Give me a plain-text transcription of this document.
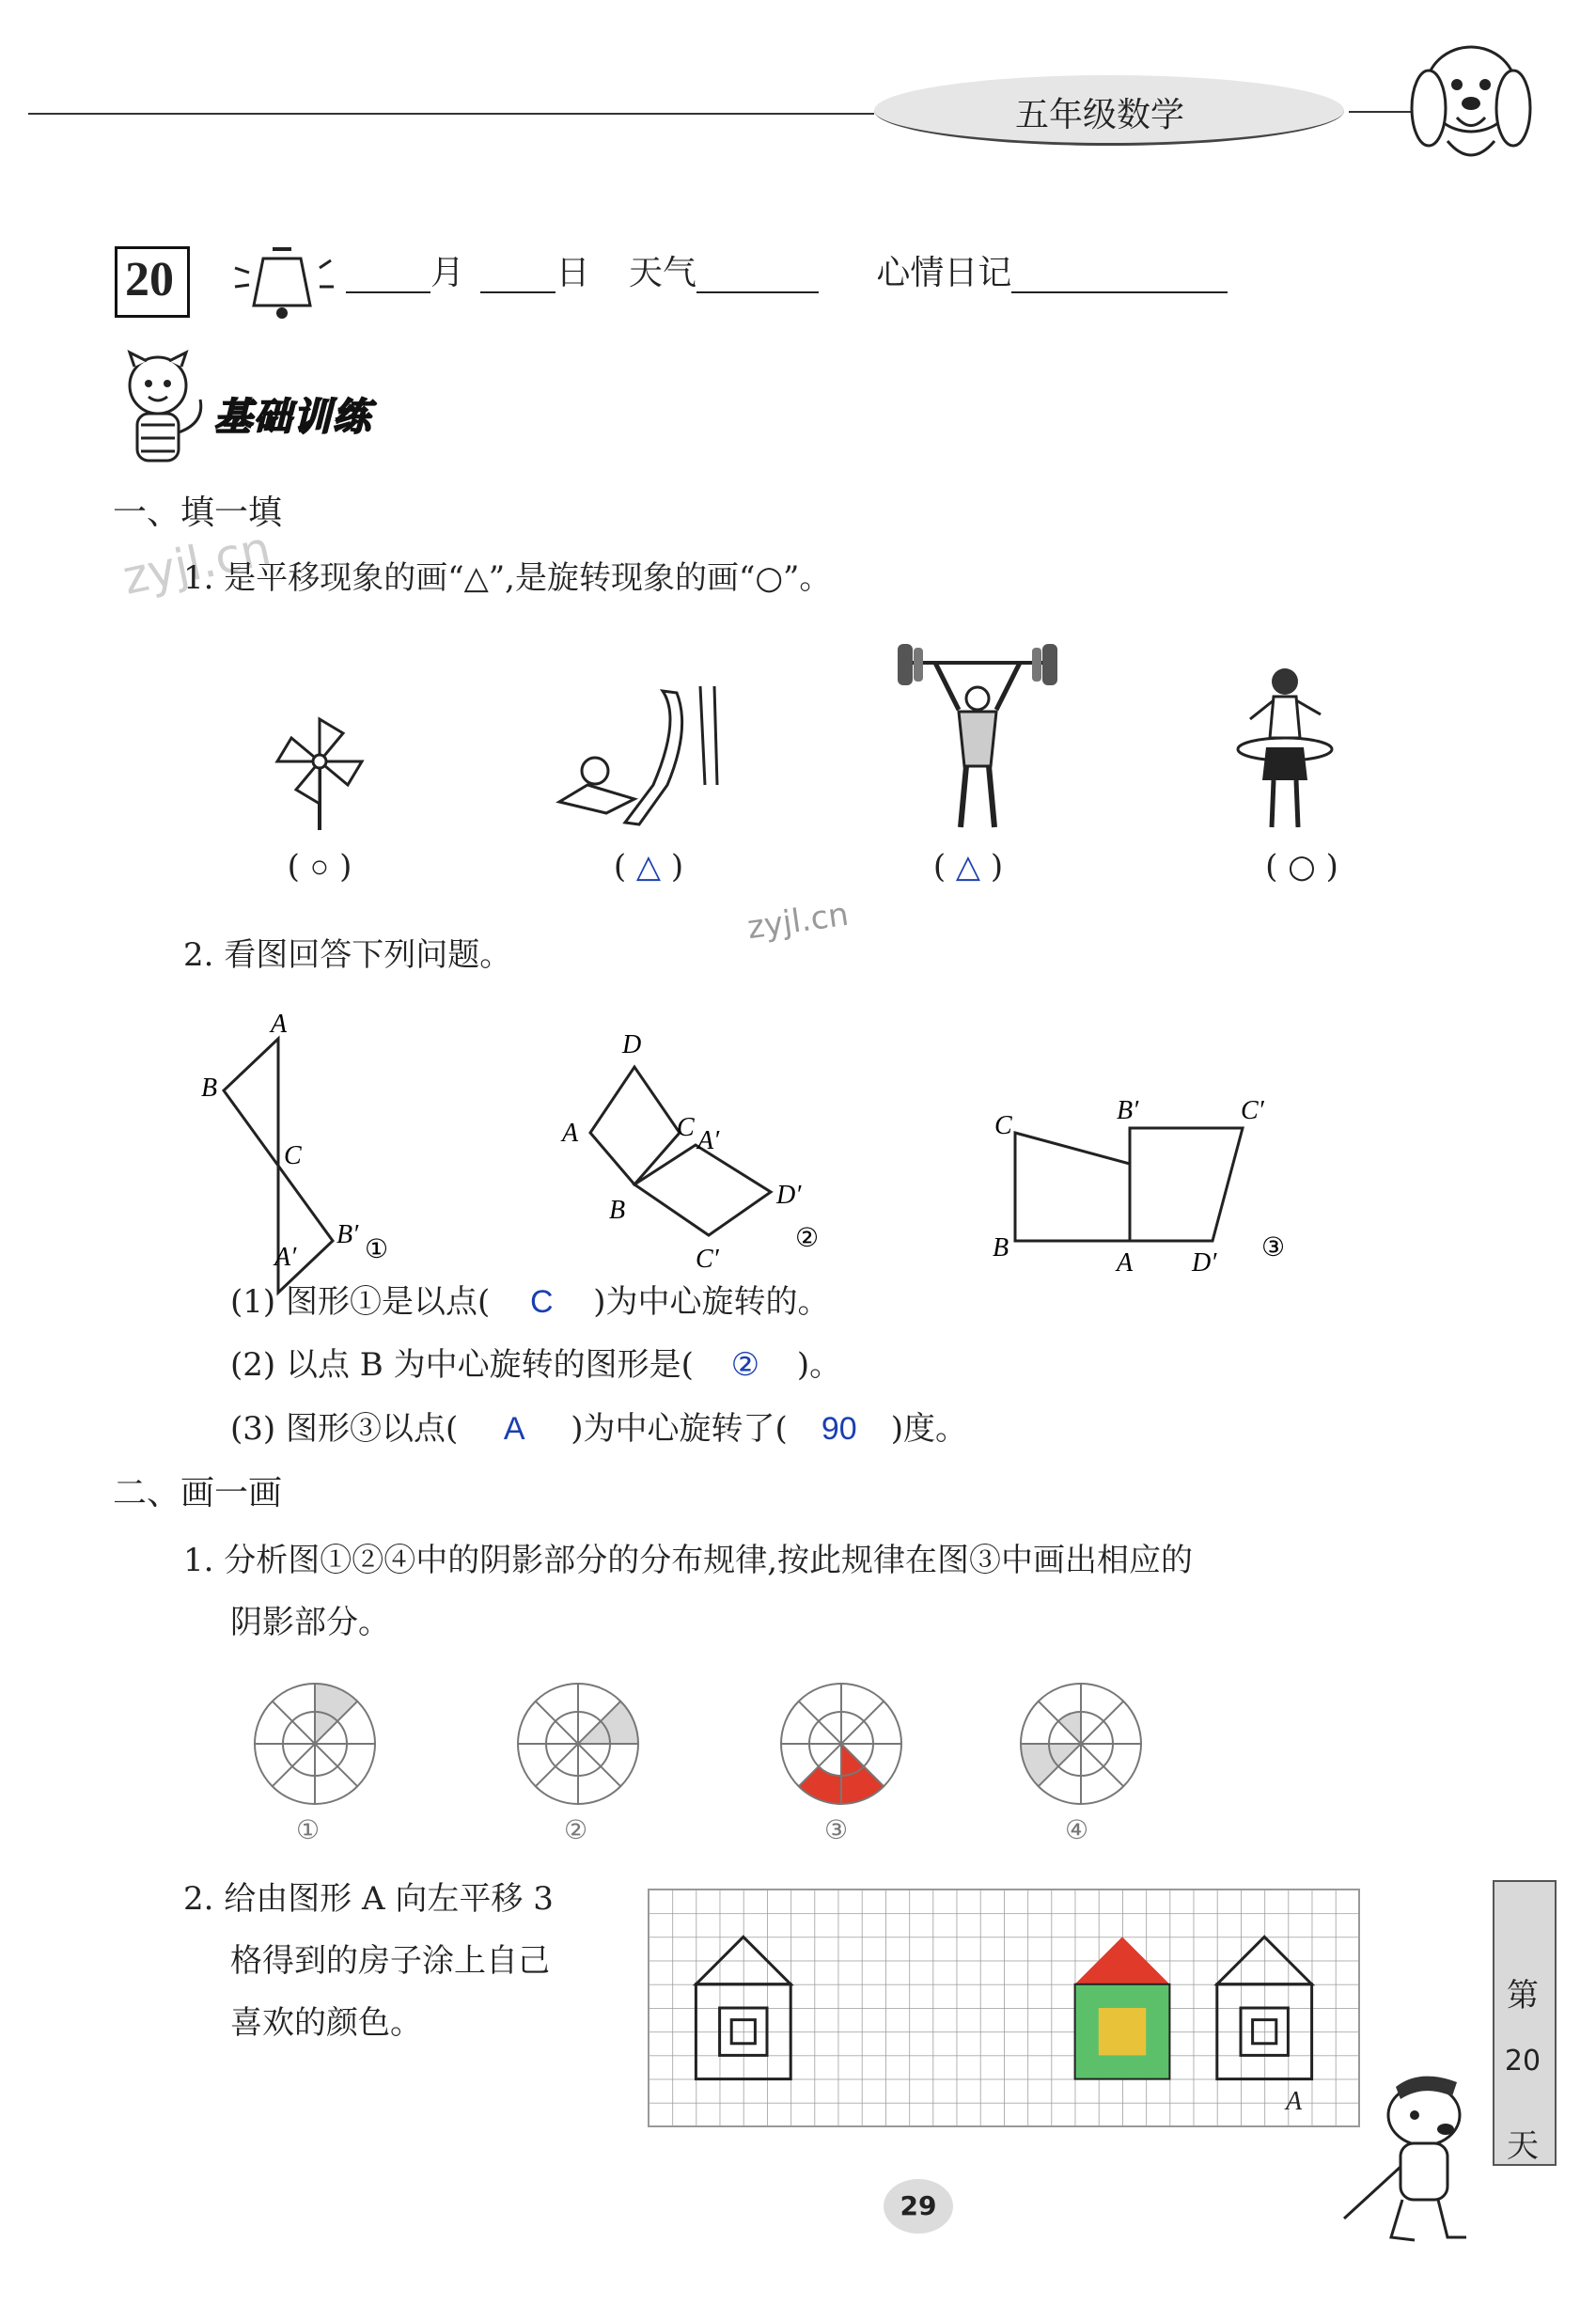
五年级数学
20	月	日 天气	心情日记
基础训练
一、填一填
zyjl.cn
1. 是平移现象的画“△”,是旋转现象的画“○”。
( ○ )	( △ )	( △ )	( ○ )
zyjl.cn
2. 看图回答下列问题。
A
B
C
B′
A′	①
D
A	C A′
B
D′
C′
②
C
B′	C′
B
A D′
③
(1) 图形①是以点( C )为中心旋转的。
(2) 以点 B 为中心旋转的图形是( ② )。
(3) 图形③以点( A )为中心旋转了( 90 )度。
二、画一画
1. 分析图①②④中的阴影部分的分布规律,按此规律在图③中画出相应的
阴影部分。
①	②	③	④
2. 给由图形 A 向左平移 3
格得到的房子涂上自己
喜欢的颜色。
A
第
20
天
29
